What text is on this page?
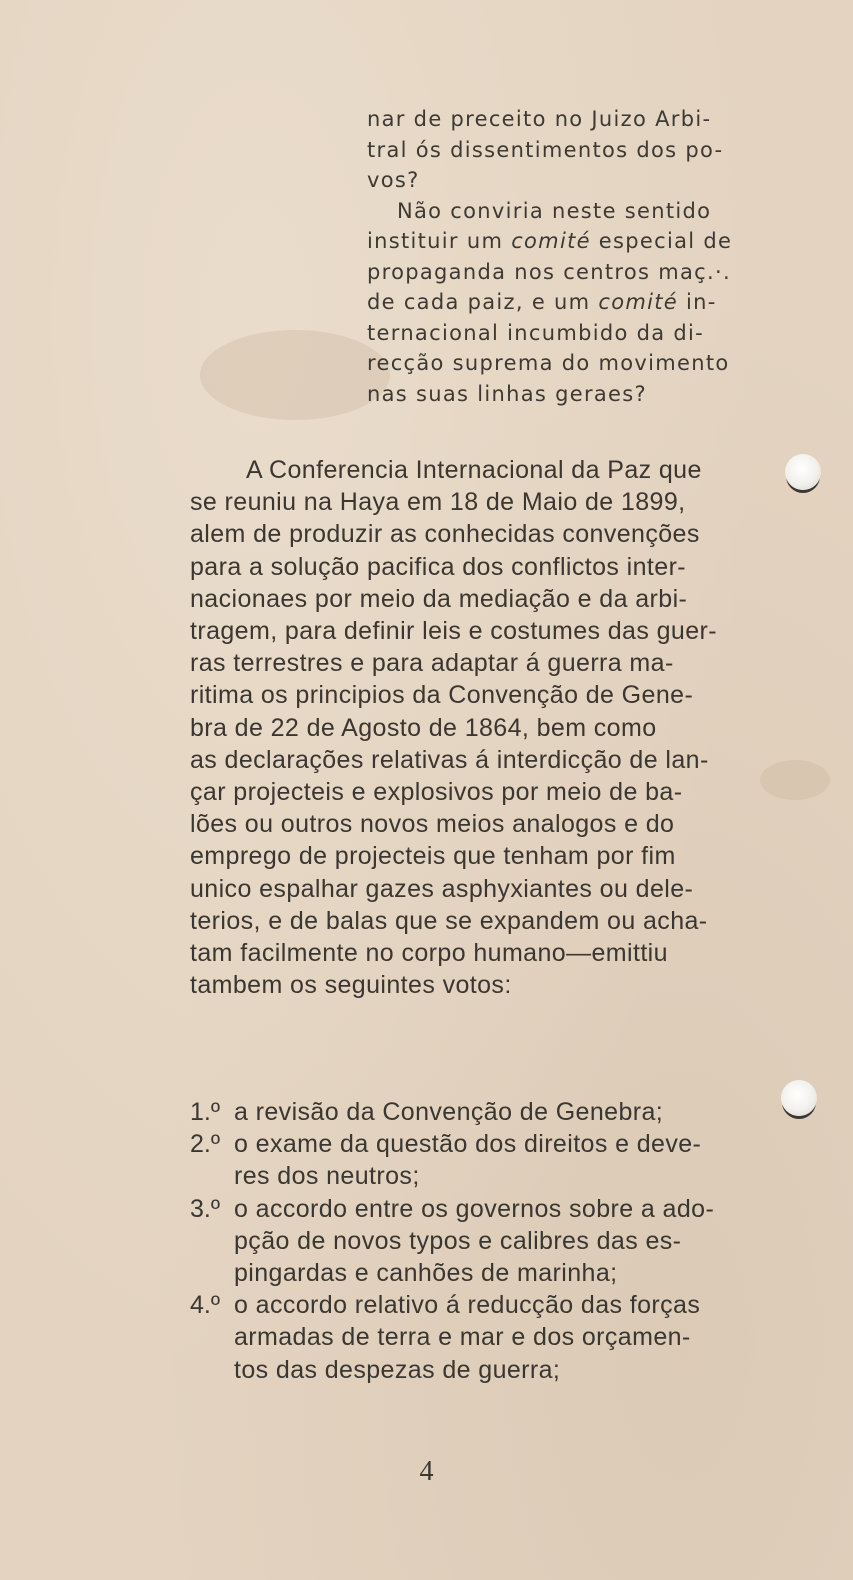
nar de preceito no Juizo Arbi-
tral ós dissentimentos dos po-
vos?
Não conviria neste sentido
instituir um comité especial de
propaganda nos centros maç.·.
de cada paiz, e um comité in-
ternacional incumbido da di-
recção suprema do movimento
nas suas linhas geraes?
A Conferencia Internacional da Paz que
se reuniu na Haya em 18 de Maio de 1899,
alem de produzir as conhecidas convenções
para a solução pacifica dos conflictos inter-
nacionaes por meio da mediação e da arbi-
tragem, para definir leis e costumes das guer-
ras terrestres e para adaptar á guerra ma-
ritima os principios da Convenção de Gene-
bra de 22 de Agosto de 1864, bem como
as declarações relativas á interdicção de lan-
çar projecteis e explosivos por meio de ba-
lões ou outros novos meios analogos e do
emprego de projecteis que tenham por fim
unico espalhar gazes asphyxiantes ou dele-
terios, e de balas que se expandem ou acha-
tam facilmente no corpo humano—emittiu
tambem os seguintes votos:
1.º a revisão da Convenção de Genebra;
2.º o exame da questão dos direitos e deve-
res dos neutros;
3.º o accordo entre os governos sobre a ado-
pção de novos typos e calibres das es-
pingardas e canhões de marinha;
4.º o accordo relativo á reducção das forças
armadas de terra e mar e dos orçamen-
tos das despezas de guerra;
4
